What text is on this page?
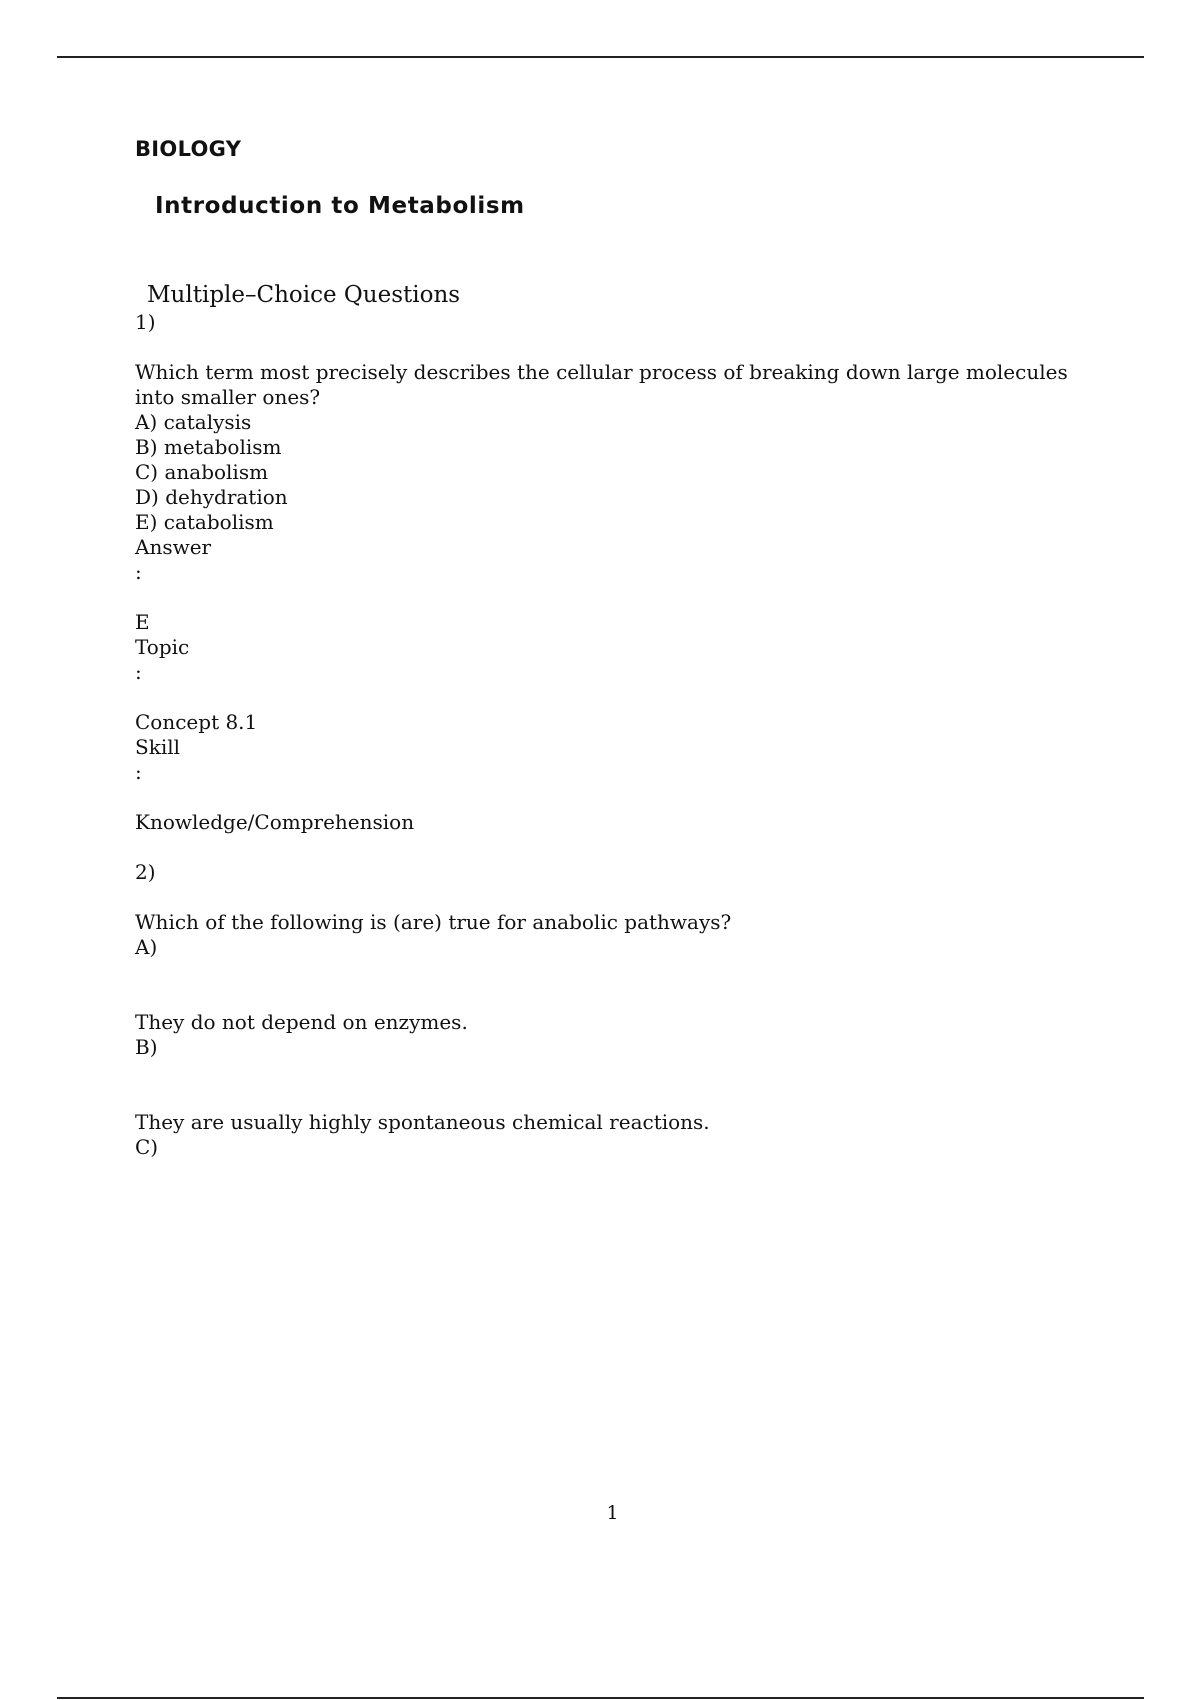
BIOLOGY
Introduction to Metabolism
Multiple–Choice Questions
1)
Which term most precisely describes the cellular process of breaking down large molecules into smaller ones?
A) catalysis
B) metabolism
C) anabolism
D) dehydration
E) catabolism
Answer
:
E
Topic
:
Concept 8.1
Skill
:
Knowledge/Comprehension
2)
Which of the following is (are) true for anabolic pathways?
A)
They do not depend on enzymes.
B)
They are usually highly spontaneous chemical reactions.
C)
1
